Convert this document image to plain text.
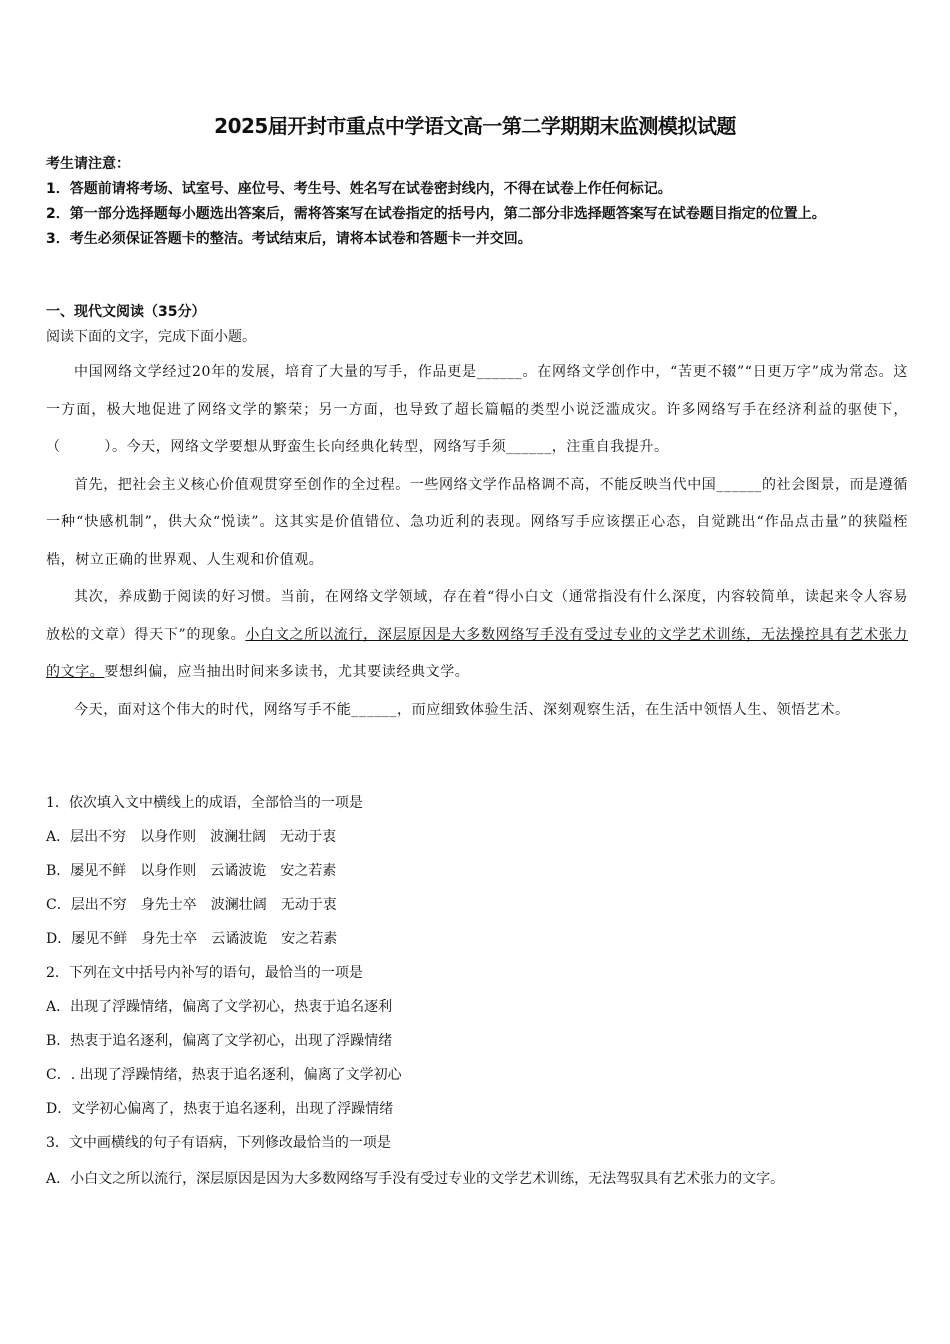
2025届开封市重点中学语文高一第二学期期末监测模拟试题
考生请注意：
1．答题前请将考场、试室号、座位号、考生号、姓名写在试卷密封线内，不得在试卷上作任何标记。
2．第一部分选择题每小题选出答案后，需将答案写在试卷指定的括号内，第二部分非选择题答案写在试卷题目指定的位置上。
3．考生必须保证答题卡的整洁。考试结束后，请将本试卷和答题卡一并交回。
一、现代文阅读（35分）
阅读下面的文字，完成下面小题。

中国网络文学经过20年的发展，培育了大量的写手，作品更是______。在网络文学创作中，“苦更不辍”“日更万字”成为常态。这一方面，极大地促进了网络文学的繁荣；另一方面，也导致了超长篇幅的类型小说泛滥成灾。许多网络写手在经济利益的驱使下，（　　　）。今天，网络文学要想从野蛮生长向经典化转型，网络写手须______，注重自我提升。

首先，把社会主义核心价值观贯穿至创作的全过程。一些网络文学作品格调不高，不能反映当代中国______的社会图景，而是遵循一种“快感机制”，供大众“悦读”。这其实是价值错位、急功近利的表现。网络写手应该摆正心态，自觉跳出“作品点击量”的狭隘桎梏，树立正确的世界观、人生观和价值观。

其次，养成勤于阅读的好习惯。当前，在网络文学领域，存在着“得小白文（通常指没有什么深度，内容较简单，读起来令人容易放松的文章）得天下”的现象。小白文之所以流行，深层原因是大多数网络写手没有受过专业的文学艺术训练，无法操控具有艺术张力的文字。要想纠偏，应当抽出时间来多读书，尤其要读经典文学。

今天，面对这个伟大的时代，网络写手不能______，而应细致体验生活、深刻观察生活，在生活中领悟人生、领悟艺术。

1．依次填入文中横线上的成语，全部恰当的一项是
A．层出不穷 以身作则 波澜壮阔 无动于衷
B．屡见不鲜 以身作则 云谲波诡 安之若素
C．层出不穷 身先士卒 波澜壮阔 无动于衷
D．屡见不鲜 身先士卒 云谲波诡 安之若素
2．下列在文中括号内补写的语句，最恰当的一项是
A．出现了浮躁情绪，偏离了文学初心，热衷于追名逐利
B．热衷于追名逐利，偏离了文学初心，出现了浮躁情绪
C．. 出现了浮躁情绪，热衷于追名逐利，偏离了文学初心
D．文学初心偏离了，热衷于追名逐利，出现了浮躁情绪
3．文中画横线的句子有语病，下列修改最恰当的一项是
A．小白文之所以流行，深层原因是因为大多数网络写手没有受过专业的文学艺术训练，无法驾驭具有艺术张力的文字。
